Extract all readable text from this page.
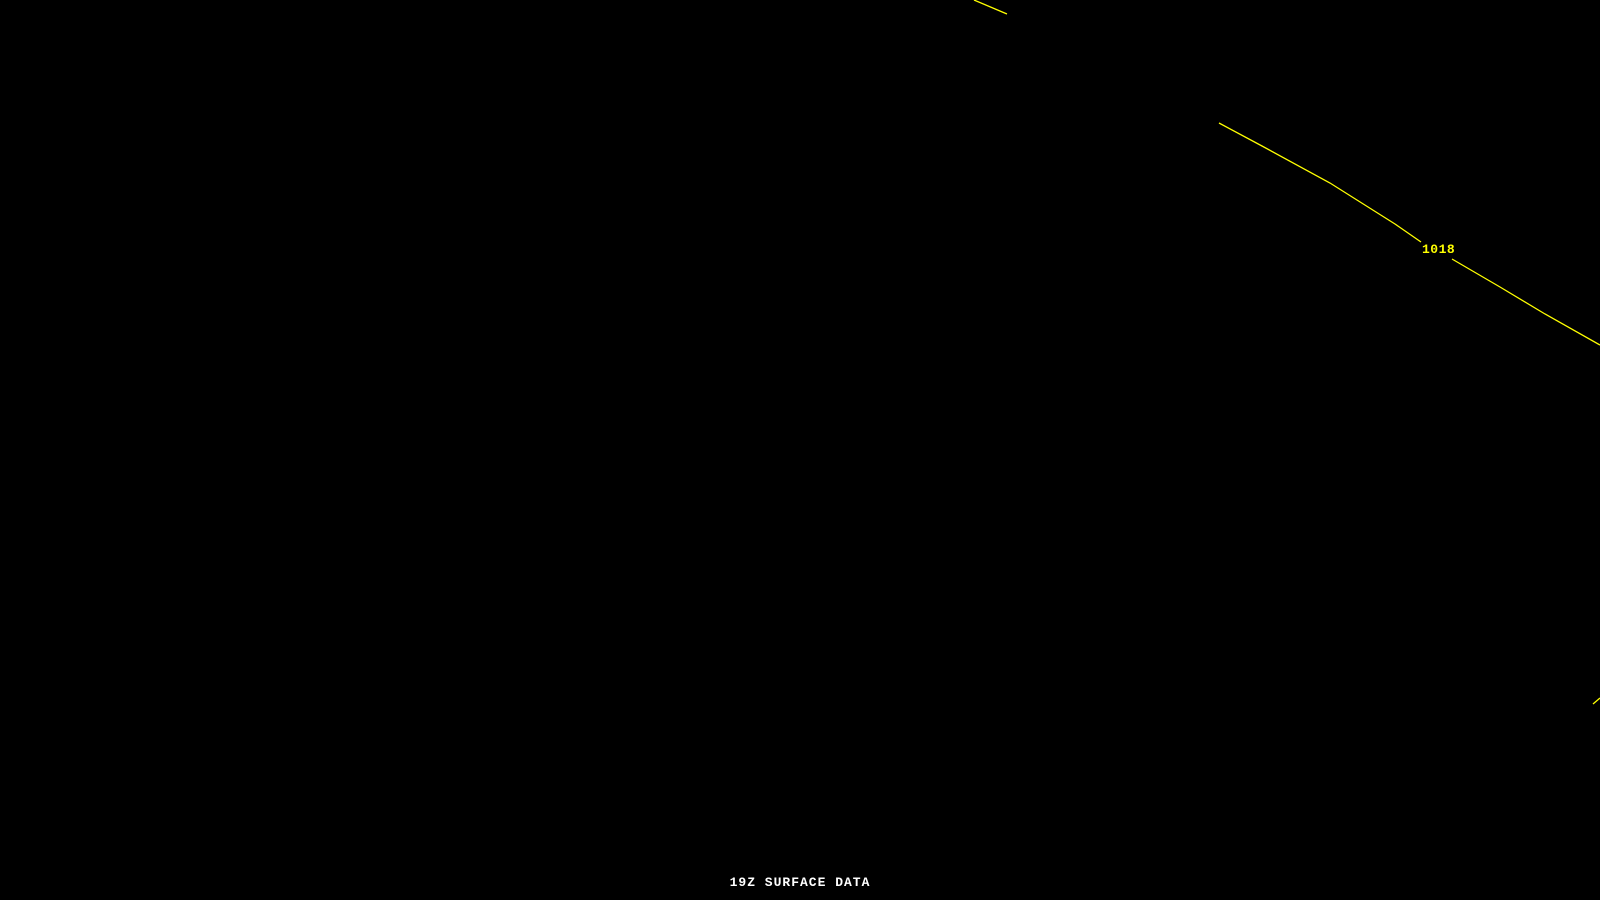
1018
19Z SURFACE DATA
